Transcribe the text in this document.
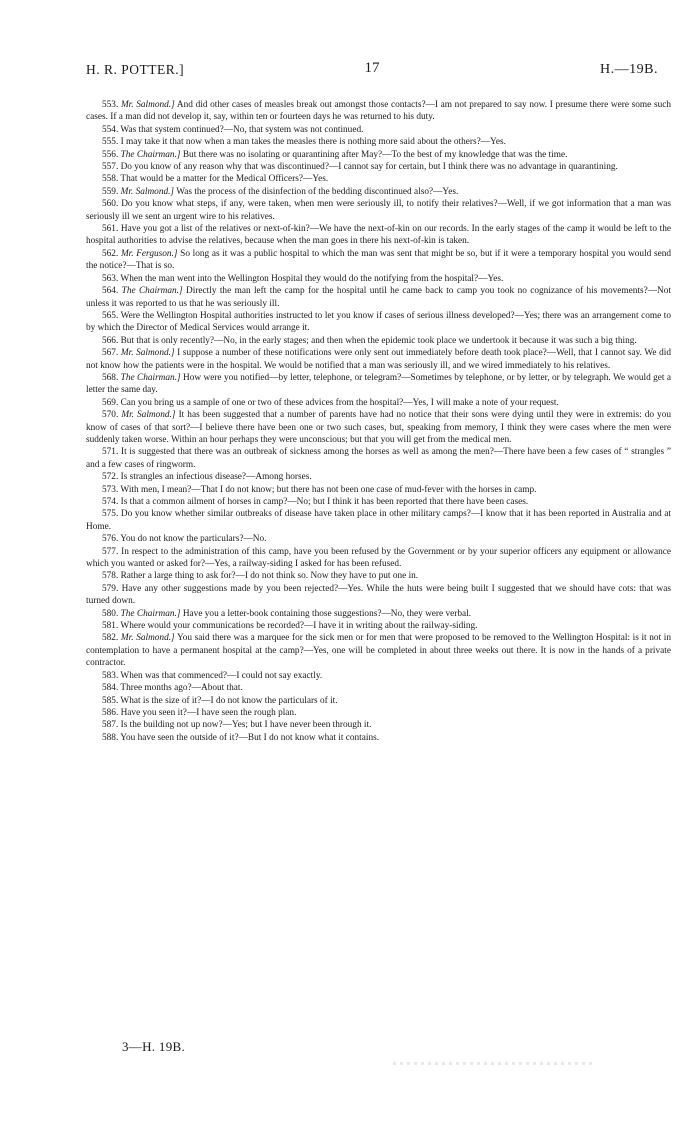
H. R. POTTER.]	17	H.—19B.

553. Mr. Salmond.] And did other cases of measles break out amongst those contacts?—I am not prepared to say now. I presume there were some such cases. If a man did not develop it, say, within ten or fourteen days he was returned to his duty.

554. Was that system continued?—No, that system was not continued.

555. I may take it that now when a man takes the measles there is nothing more said about the others?—Yes.

556. The Chairman.] But there was no isolating or quarantining after May?—To the best of my knowledge that was the time.

557. Do you know of any reason why that was discontinued?—I cannot say for certain, but I think there was no advantage in quarantining.

558. That would be a matter for the Medical Officers?—Yes.

559. Mr. Salmond.] Was the process of the disinfection of the bedding discontinued also?—Yes.

560. Do you know what steps, if any, were taken, when men were seriously ill, to notify their relatives?—Well, if we got information that a man was seriously ill we sent an urgent wire to his relatives.

561. Have you got a list of the relatives or next-of-kin?—We have the next-of-kin on our records. In the early stages of the camp it would be left to the hospital authorities to advise the relatives, because when the man goes in there his next-of-kin is taken.

562. Mr. Ferguson.] So long as it was a public hospital to which the man was sent that might be so, but if it were a temporary hospital you would send the notice?—That is so.

563. When the man went into the Wellington Hospital they would do the notifying from the hospital?—Yes.

564. The Chairman.] Directly the man left the camp for the hospital until he came back to camp you took no cognizance of his movements?—Not unless it was reported to us that he was seriously ill.

565. Were the Wellington Hospital authorities instructed to let you know if cases of serious illness developed?—Yes; there was an arrangement come to by which the Director of Medical Services would arrange it.

566. But that is only recently?—No, in the early stages; and then when the epidemic took place we undertook it because it was such a big thing.

567. Mr. Salmond.] I suppose a number of these notifications were only sent out immediately before death took place?—Well, that I cannot say. We did not know how the patients were in the hospital. We would be notified that a man was seriously ill, and we wired immediately to his relatives.

568. The Chairman.] How were you notified—by letter, telephone, or telegram?—Sometimes by telephone, or by letter, or by telegraph. We would get a letter the same day.

569. Can you bring us a sample of one or two of these advices from the hospital?—Yes, I will make a note of your request.

570. Mr. Salmond.] It has been suggested that a number of parents have had no notice that their sons were dying until they were in extremis: do you know of cases of that sort?—I believe there have been one or two such cases, but, speaking from memory, I think they were cases where the men were suddenly taken worse. Within an hour perhaps they were unconscious; but that you will get from the medical men.

571. It is suggested that there was an outbreak of sickness among the horses as well as among the men?—There have been a few cases of “ strangles ” and a few cases of ringworm.

572. Is strangles an infectious disease?—Among horses.

573. With men, I mean?—That I do not know; but there has not been one case of mud-fever with the horses in camp.

574. Is that a common ailment of horses in camp?—No; but I think it has been reported that there have been cases.

575. Do you know whether similar outbreaks of disease have taken place in other military camps?—I know that it has been reported in Australia and at Home.

576. You do not know the particulars?—No.

577. In respect to the administration of this camp, have you been refused by the Government or by your superior officers any equipment or allowance which you wanted or asked for?—Yes, a railway-siding I asked for has been refused.

578. Rather a large thing to ask for?—I do not think so. Now they have to put one in.

579. Have any other suggestions made by you been rejected?—Yes. While the huts were being built I suggested that we should have cots: that was turned down.

580. The Chairman.] Have you a letter-book containing those suggestions?—No, they were verbal.

581. Where would your communications be recorded?—I have it in writing about the railway-siding.

582. Mr. Salmond.] You said there was a marquee for the sick men or for men that were proposed to be removed to the Wellington Hospital: is it not in contemplation to have a permanent hospital at the camp?—Yes, one will be completed in about three weeks out there. It is now in the hands of a private contractor.

583. When was that commenced?—I could not say exactly.

584. Three months ago?—About that.

585. What is the size of it?—I do not know the particulars of it.

586. Have you seen it?—I have seen the rough plan.

587. Is the building not up now?—Yes; but I have never been through it.

588. You have seen the outside of it?—But I do not know what it contains.

3—H. 19B.
